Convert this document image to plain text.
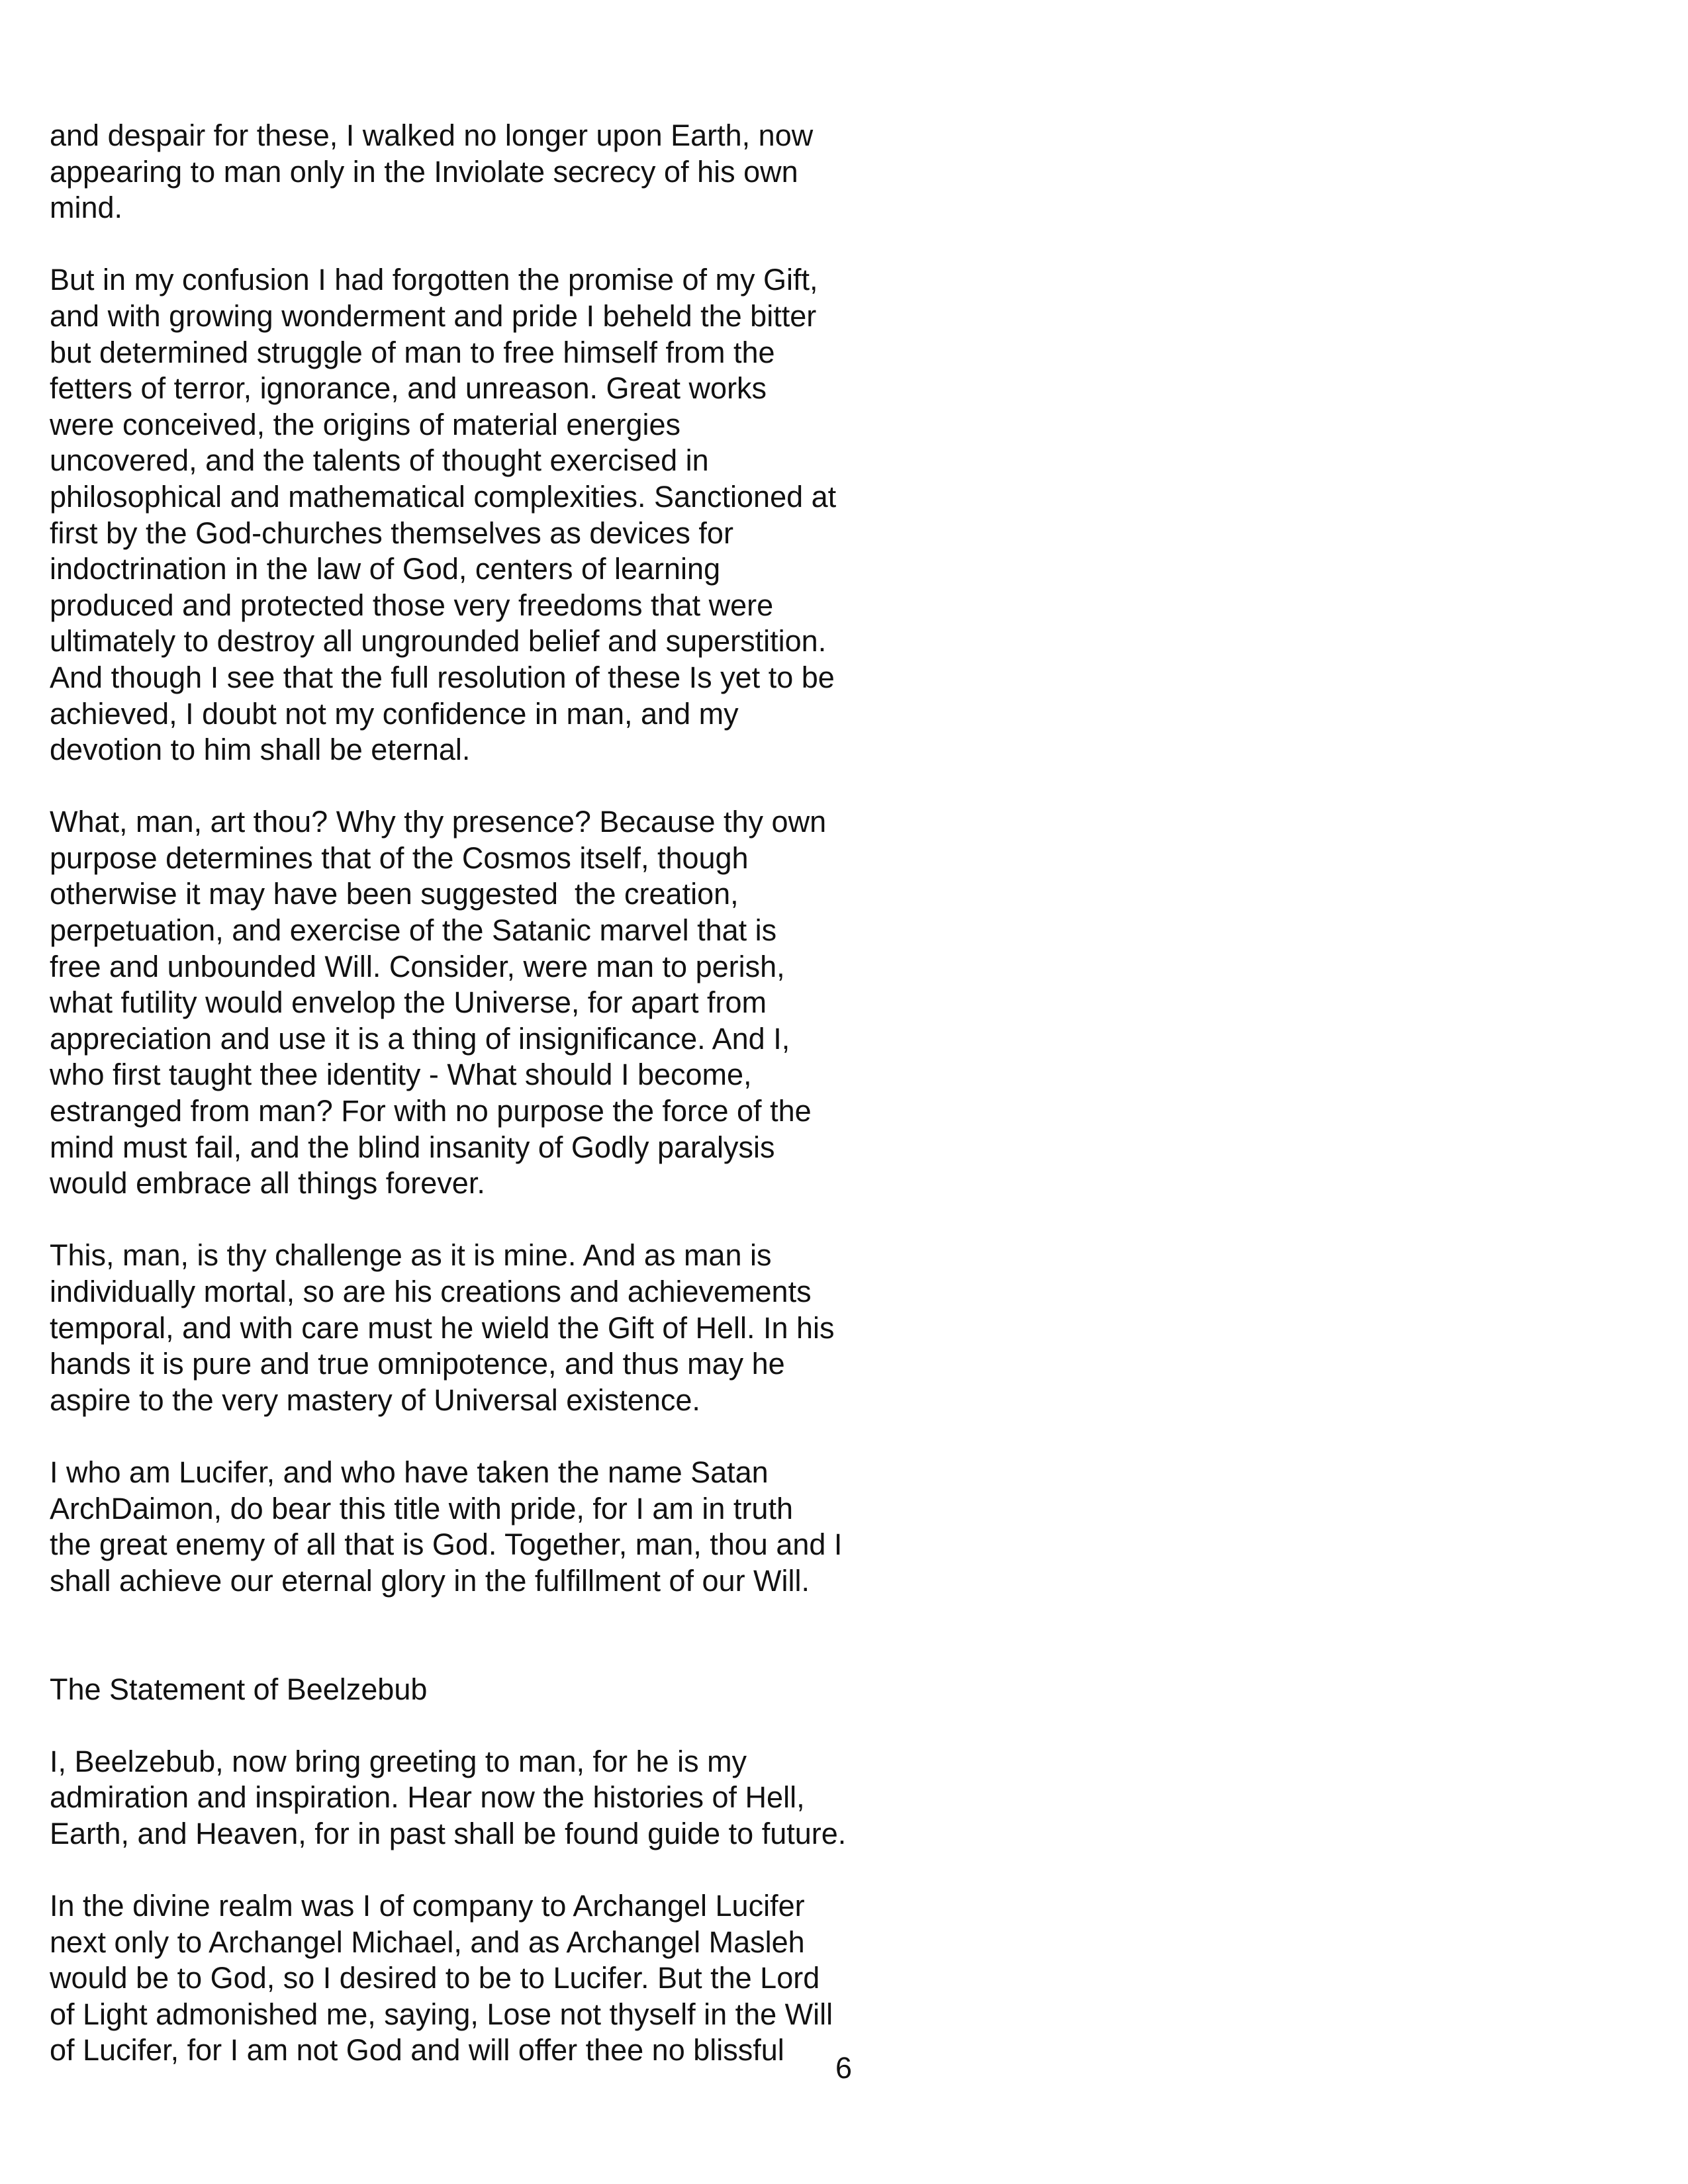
and despair for these, I walked no longer upon Earth, now
appearing to man only in the Inviolate secrecy of his own
mind.
But in my confusion I had forgotten the promise of my Gift,
and with growing wonderment and pride I beheld the bitter
but determined struggle of man to free himself from the
fetters of terror, ignorance, and unreason. Great works
were conceived, the origins of material energies
uncovered, and the talents of thought exercised in
philosophical and mathematical complexities. Sanctioned at
first by the God-churches themselves as devices for
indoctrination in the law of God, centers of learning
produced and protected those very freedoms that were
ultimately to destroy all ungrounded belief and superstition.
And though I see that the full resolution of these Is yet to be
achieved, I doubt not my confidence in man, and my
devotion to him shall be eternal.
What, man, art thou? Why thy presence? Because thy own
purpose determines that of the Cosmos itself, though
otherwise it may have been suggested  the creation,
perpetuation, and exercise of the Satanic marvel that is
free and unbounded Will. Consider, were man to perish,
what futility would envelop the Universe, for apart from
appreciation and use it is a thing of insignificance. And I,
who first taught thee identity - What should I become,
estranged from man? For with no purpose the force of the
mind must fail, and the blind insanity of Godly paralysis
would embrace all things forever.
This, man, is thy challenge as it is mine. And as man is
individually mortal, so are his creations and achievements
temporal, and with care must he wield the Gift of Hell. In his
hands it is pure and true omnipotence, and thus may he
aspire to the very mastery of Universal existence.
I who am Lucifer, and who have taken the name Satan
ArchDaimon, do bear this title with pride, for I am in truth
the great enemy of all that is God. Together, man, thou and I
shall achieve our eternal glory in the fulfillment of our Will.
The Statement of Beelzebub
I, Beelzebub, now bring greeting to man, for he is my
admiration and inspiration. Hear now the histories of Hell,
Earth, and Heaven, for in past shall be found guide to future.
In the divine realm was I of company to Archangel Lucifer
next only to Archangel Michael, and as Archangel Masleh
would be to God, so I desired to be to Lucifer. But the Lord
of Light admonished me, saying, Lose not thyself in the Will
of Lucifer, for I am not God and will offer thee no blissful
6
